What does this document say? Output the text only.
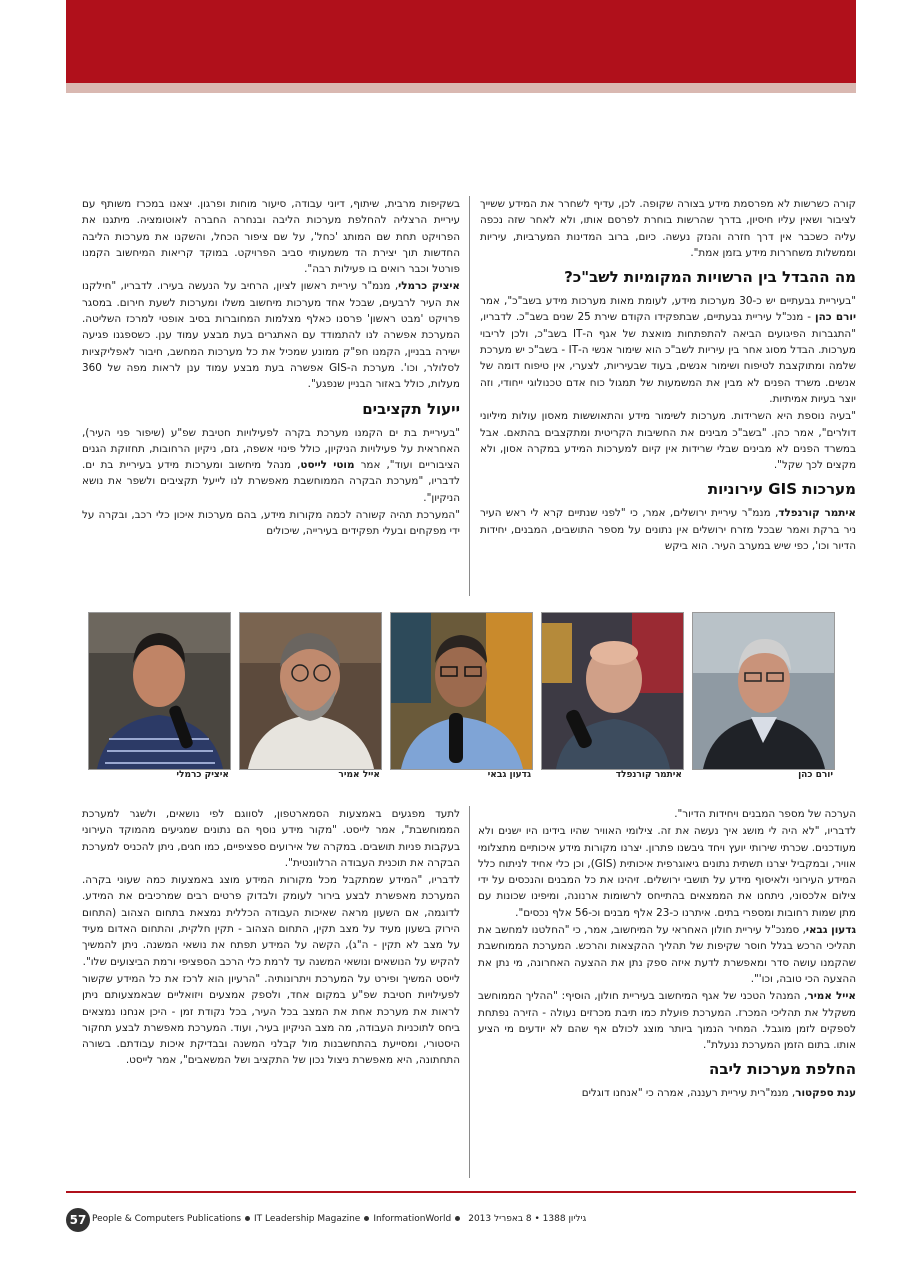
קורה כשרשות לא מפרסמת מידע בצורה שקופה. לכן, עדיף לשחרר את המידע ששייך לציבור ושאין עליו חיסיון, בדרך שהרשות בוחרת לפרסם אותו, ולא לאחר שזה נכפה עליה כשכבר אין דרך חזרה והנזק נעשה. כיום, ברוב המדינות המערביות, עיריות וממשלות משחררות מידע בזמן אמת".

מה ההבדל בין הרשויות המקומיות לשב"כ?

"בעיריית גבעתיים יש כ-30 מערכות מידע, לעומת מאות מערכות מידע בשב"כ", אמר יורם כהן - מנכ"ל עיריית גבעתיים, שבתפקידו הקודם שירת 25 שנים בשב"כ. לדבריו, "התגברות הפיגועים הביאה להתפתחות מואצת של אגף ה-IT בשב"כ, ולכן לריבוי מערכות. הבדל מסוג אחר בין עיריות לשב"כ הוא שימור אנשי ה-IT - בשב"כ יש מערכת שלמה ומתוקצבת לטיפוח ושימור אנשים, בעוד שבעיריות, לצערי, אין טיפוח דומה של אנשים. משרד הפנים לא מבין את המשמעות של תמגול כוח אדם טכנולוגי ייחודי, וזה יוצר בעיות אמיתיות.

"בעיה נוספת היא השרידות. מערכות לשימור מידע והתאוששות מאסון עולות מיליוני דולרים", אמר כהן. "בשב"כ מבינים את החשיבות הקריטית ומתקצבים בהתאם. אבל במשרד הפנים לא מבינים שבלי שרידות אין קיום למערכות המידע במקרה אסון, ולא מקצים לכך שקל".

מערכות GIS עירוניות

איתמר קורנפלד, מנמ"ר עיריית ירושלים, אמר, כי "לפני שנתיים קרא לי ראש העיר ניר ברקת ואמר שבכל מזרח ירושלים אין נתונים על מספר התושבים, המבנים, יחידות הדיור וכו', כפי שיש במערב העיר. הוא ביקש

בשקיפות מרבית, שיתוף, דיוני עבודה, סיעור מוחות ופרגון. יצאנו במכרז משותף עם עיריית הרצליה להחלפת מערכות הליבה ובנחרה החברה לאוטומציה. מיתגנו את הפרויקט תחת שם המותג 'כחל', על שם ציפור הכחל, והשקנו את מערכות הליבה החדשות תוך יצירת הד משמעותי סביב הפרויקט. במוקד קריאות המיחשוב הקמנו פורטל וכבר רואים בו פעילות רבה".

איציק כרמלי, מנמ"ר עיריית ראשון לציון, הרחיב על הנעשה בעירו. לדבריו, "חילקנו את העיר לרבעים, שבכל אחד מערכות מיחשוב משלו ומערכות לשעת חירום. במסגר פרויקט 'מבט ראשון' פרסנו כאלף מצלמות המחוברות בסיב אופטי למרכז השליטה. המערכת אפשרה לנו להתמודד עם האתגרים בעת מבצע עמוד ענן. כשספגנו פגיעה ישירה בבניין, הקמנו חפ"ק ממונע שמכיל את כל מערכות המחשב, חיבור לאפליקציות לסלולר, וכו'. מערכת ה-GIS אפשרה בעת מבצע עמוד ענן לראות מפה של 360 מעלות, כולל באזור הבניין שנפגע".

ייעול תקציבים

"בעיריית בת ים הקמנו מערכת בקרה לפעילויות חטיבת שפ"ע (שיפור פני העיר), האחראית על פעילויות הניקיון, כולל פינוי אשפה, גזם, ניקיון הרחובות, תחזוקת הגנים הציבוריים ועוד", אמר מוטי לייסט, מנהל מיחשוב ומערכות מידע בעיריית בת ים. לדבריו, "מערכת הבקרה הממוחשבת מאפשרת לנו לייעל תקציבים ולשפר את נושא הניקיון".

"המערכת תהיה קשורה לכמה מקורות מידע, בהם מערכות איכון כלי רכב, ובקרה על ידי מפקחים ובעלי תפקידים בעירייה, שיכולים

יורם כהן
איתמר קורנפלד
גדעון גבאי
אייל אמיר
איציק כרמלי

הערכה של מספר המבנים ויחידות הדיור".

לדבריו, "לא היה לי מושג איך נעשה את זה. צילומי האוויר שהיו בידינו היו ישנים ולא מעודכנים. שכרתי שירותי יועץ ויחד גיבשנו פתרון. יצרנו מקורות מידע איכותיים מתצלומי אוויר, ובמקביל יצרנו תשתית נתונים גיאוגרפית איכותית (GIS), וכן כלי אחיד לניתוח כלל המידע העירוני ולאיסוף מידע על תושבי ירושלים. זיהינו את כל המבנים והנכסים על ידי צילום אלכסוני, ניתחנו את הממצאים בהתייחס לרשומות ארנונה, ומיפינו שכונות עם מתן שמות רחובות ומספרי בתים. איתרנו כ-23 אלף מבנים וכ-56 אלף נכסים".

גדעון גבאי, סמנכ"ל עיריית חולון האחראי על המיחשוב, אמר, כי "החלטנו למחשב את תהליכי הרכש בגלל חוסר שקיפות של תהליך ההקצאות והרכש. המערכת הממוחשבת שהקמנו עושה סדר ומאפשרת לדעת איזה ספק נתן את ההצעה האחרונה, מי נתן את ההצעה הכי טובה, וכו'".

אייל אמיר, המנהל הטכני של אגף המיחשוב בעיריית חולון, הוסיף: "ההליך הממוחשב משקלל את תהליכי המכרז. המערכת פועלת כמו תיבת מכרזים נעולה - הזירה נפתחת לספקים לזמן מוגבל. המחיר הנמוך ביותר מוצג לכולם אף שהם לא יודעים מי הציע אותו. בתום הזמן המערכת ננעלת".

החלפת מערכות ליבה

ענת ספקטור, מנמ"רית עיריית רעננה, אמרה כי "אנחנו דוגלים

לתעד מפגעים באמצעות הסמארטפון, לסווגם לפי נושאים, ולשגר למערכת הממוחשבת", אמר לייסט. "מקור מידע נוסף הם נתונים שמגיעים מהמוקד העירוני בעקבות פניות תושבים. במקרה של אירועים ספציפיים, כמו חגים, ניתן להכניס למערכת הבקרה את תוכנית העבודה הרלוונטית".

לדבריו, "המידע שמתקבל מכל מקורות המידע מוצג באמצעות כמה שעוני בקרה. המערכת מאפשרת לבצע בירור לעומק ולבדוק פרטים רבים שמרכיבים את המידע. לדוגמה, אם השעון מראה שאיכות העבודה הכללית נמצאת בתחום הצהוב (התחום הירוק בשעון מעיד על מצב תקין, התחום הצהוב - תקין חלקית, והתחום האדום מעיד על מצב לא תקין - ה"ג), הקשה על המידע תפתח את נושאי המשנה. ניתן להמשיך להקיש על הנושאים ונושאי המשנה עד לרמת כלי הרכב הספציפי ורמת הביצועים שלו".

לייסט המשיך ופירט על המערכת ויתרונותיה. "הרעיון הוא לרכז את כל המידע שקשור לפעילויות חטיבת שפ"ע במקום אחד, ולספק אמצעים ויזואליים שבאמצעותם ניתן לראות את מערכת אחת את המצב בכל העיר, בכל נקודת זמן - היכן אנחנו נמצאים ביחס לתוכניות העבודה, מה מצב הניקיון בעיר, ועוד. המערכת מאפשרת לבצע תחקור היסטורי, ומסייעת בהתחשבנות מול קבלני המשנה ובבדיקת איכות עבודתם. בשורה התחתונה, היא מאפשרת ניצול נכון של התקציב ושל המשאבים", אמר לייסט.

57 People & Computers Publications IT Leadership Magazine InformationWorld גיליון 1388 • 8 באפריל 2013
